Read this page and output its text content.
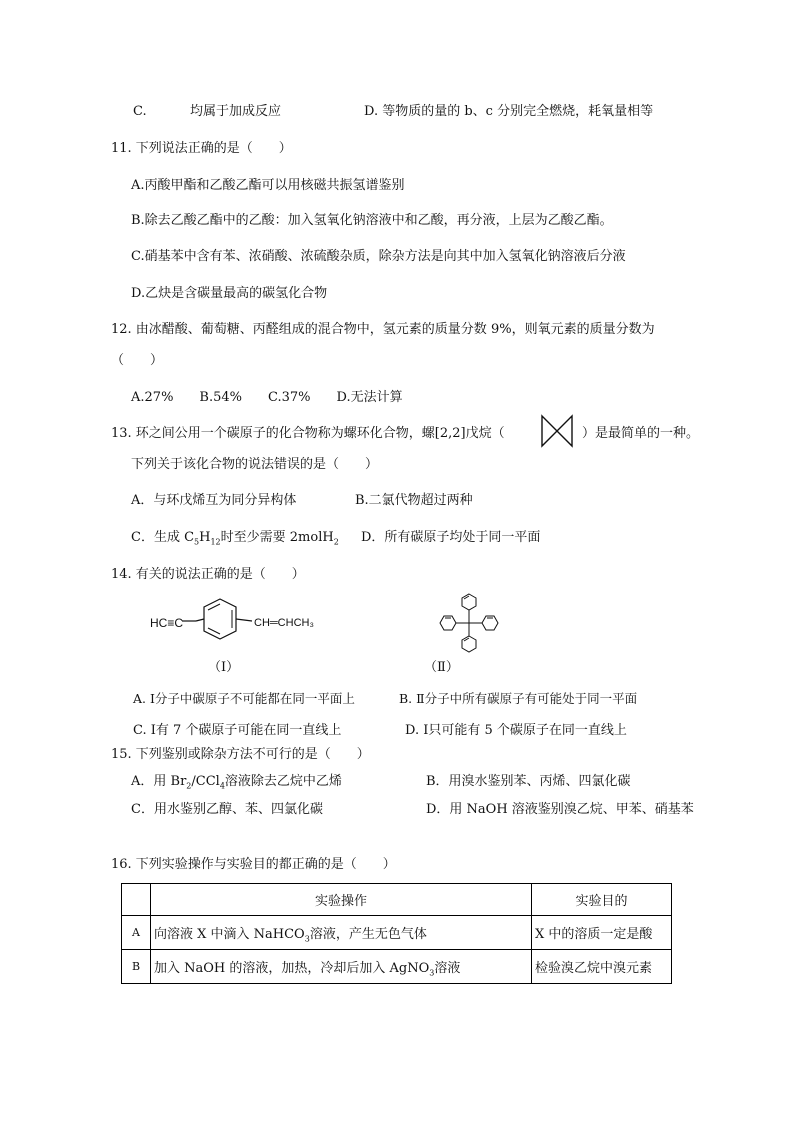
C.	均属于加成反应	D. 等物质的量的 b、c 分别完全燃烧，耗氧量相等
11. 下列说法正确的是（　　）
A.丙酸甲酯和乙酸乙酯可以用核磁共振氢谱鉴别
B.除去乙酸乙酯中的乙酸：加入氢氧化钠溶液中和乙酸，再分液，上层为乙酸乙酯。
C.硝基苯中含有苯、浓硝酸、浓硫酸杂质，除杂方法是向其中加入氢氧化钠溶液后分液
D.乙炔是含碳量最高的碳氢化合物
12. 由冰醋酸、葡萄糖、丙醛组成的混合物中，氢元素的质量分数 9%，则氧元素的质量分数为
（　　）
A.27%　　B.54%　　C.37%　　D.无法计算
13. 环之间公用一个碳原子的化合物称为螺环化合物，螺[2,2]戊烷（	）是最简单的一种。
下列关于该化合物的说法错误的是（　　）
A．与环戊烯互为同分异构体	B.二氯代物超过两种
C．生成 $C_5H_{12}$时至少需要 2molH$_2$ D．所有碳原子均处于同一平面
14. 有关的说法正确的是（　　）
HC≡C	CH═CHCH₃
（Ⅰ）	（Ⅱ）
A. Ⅰ分子中碳原子不可能都在同一平面上	B. Ⅱ分子中所有碳原子有可能处于同一平面
C. Ⅰ有 7 个碳原子可能在同一直线上	D. Ⅰ只可能有 5 个碳原子在同一直线上
15. 下列鉴别或除杂方法不可行的是（　　）
A．用 $Br_2/CCl_4$溶液除去乙烷中乙烯	B．用溴水鉴别苯、丙烯、四氯化碳
C．用水鉴别乙醇、苯、四氯化碳	D．用 NaOH 溶液鉴别溴乙烷、甲苯、硝基苯
16. 下列实验操作与实验目的都正确的是（　　）
	实验操作	实验目的
A	向溶液 X 中滴入 NaHCO$_3$溶液，产生无色气体	X 中的溶质一定是酸
B	加入 NaOH 的溶液，加热，冷却后加入 AgNO$_3$溶液	检验溴乙烷中溴元素
